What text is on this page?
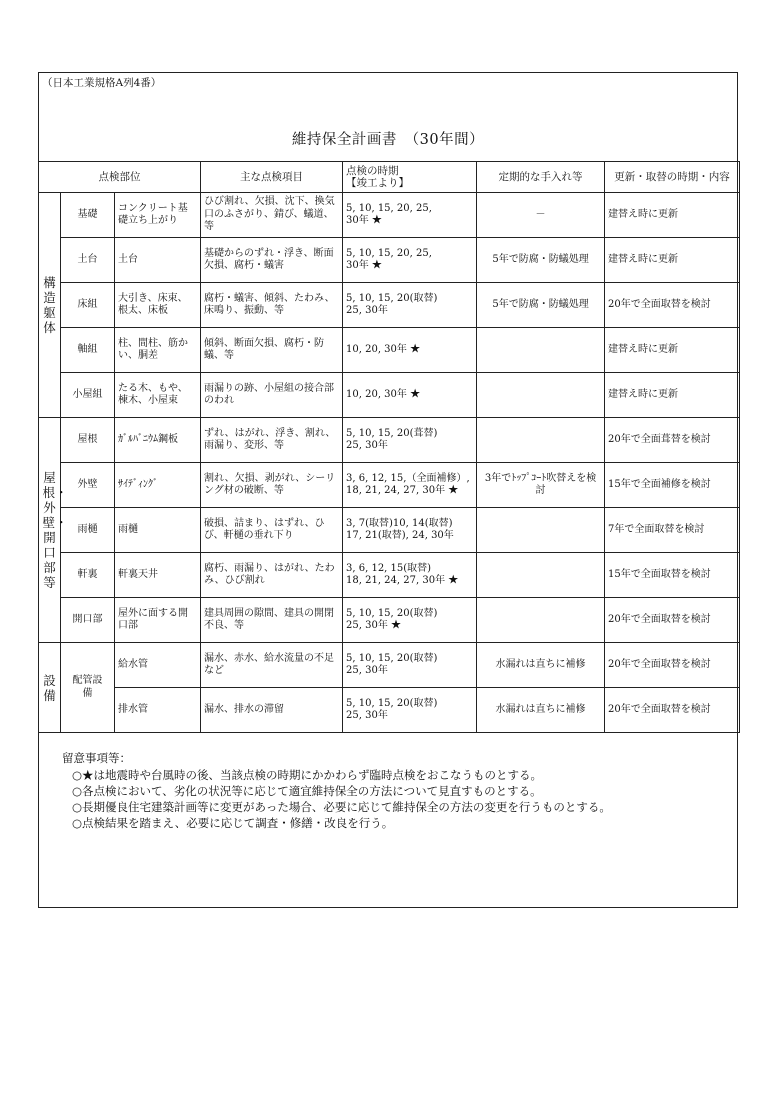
（日本工業規格A列4番）
維持保全計画書　（30年間）
点検部位			主な点検項目	点検の時期
【竣工より】	定期的な手入れ等	更新・取替の時期・内容
構造躯体	基礎	コンクリート基礎立ち上がり	ひび割れ、欠損、沈下、換気口のふさがり、錆び、蟻道、等	5, 10, 15, 20, 25,
30年 ★	－	建替え時に更新
	土台	土台	基礎からのずれ・浮き、断面欠損、腐朽・蟻害	5, 10, 15, 20, 25,
30年 ★	5年で防腐・防蟻処理	建替え時に更新
	床組	大引き、床束、根太、床板	腐朽・蟻害、傾斜、たわみ、床鳴り、振動、等	5, 10, 15, 20(取替)
25, 30年	5年で防腐・防蟻処理	20年で全面取替を検討
	軸組	柱、間柱、筋かい、胴差	傾斜、断面欠損、腐朽・防蟻、等	10, 20, 30年 ★		建替え時に更新
	小屋組	たる木、もや、棟木、小屋束	雨漏りの跡、小屋組の接合部のわれ	10, 20, 30年 ★		建替え時に更新
屋根・外壁・開口部等	屋根	ｶﾞﾙﾊﾞﾆｳﾑ鋼板	ずれ、はがれ、浮き、割れ、雨漏り、変形、等	5, 10, 15, 20(葺替)
25, 30年		20年で全面葺替を検討
	外壁	ｻｲﾃﾞｨﾝｸﾞ	割れ、欠損、剥がれ、シーリング材の破断、等	3, 6, 12, 15,（全面補修）,
18, 21, 24, 27, 30年 ★	3年でﾄｯﾌﾟｺｰﾄ吹替えを検討	15年で全面補修を検討
	雨樋	雨樋	破損、詰まり、はずれ、ひび、軒樋の垂れ下り	3, 7(取替)10, 14(取替)
17, 21(取替), 24, 30年		7年で全面取替を検討
	軒裏	軒裏天井	腐朽、雨漏り、はがれ、たわみ、ひび割れ	3, 6, 12, 15(取替)
18, 21, 24, 27, 30年 ★		15年で全面取替を検討
	開口部	屋外に面する開口部	建具周囲の隙間、建具の開閉不良、等	5, 10, 15, 20(取替)
25, 30年 ★		20年で全面取替を検討
設備	配管設備	給水管	漏水、赤水、給水流量の不足など	5, 10, 15, 20(取替)
25, 30年	水漏れは直ちに補修	20年で全面取替を検討
		排水管	漏水、排水の滞留	5, 10, 15, 20(取替)
25, 30年	水漏れは直ちに補修	20年で全面取替を検討
留意事項等：
○★は地震時や台風時の後、当該点検の時期にかかわらず臨時点検をおこなうものとする。
○各点検において、劣化の状況等に応じて適宜維持保全の方法について見直すものとする。
○長期優良住宅建築計画等に変更があった場合、必要に応じて維持保全の方法の変更を行うものとする。
○点検結果を踏まえ、必要に応じて調査・修繕・改良を行う。
